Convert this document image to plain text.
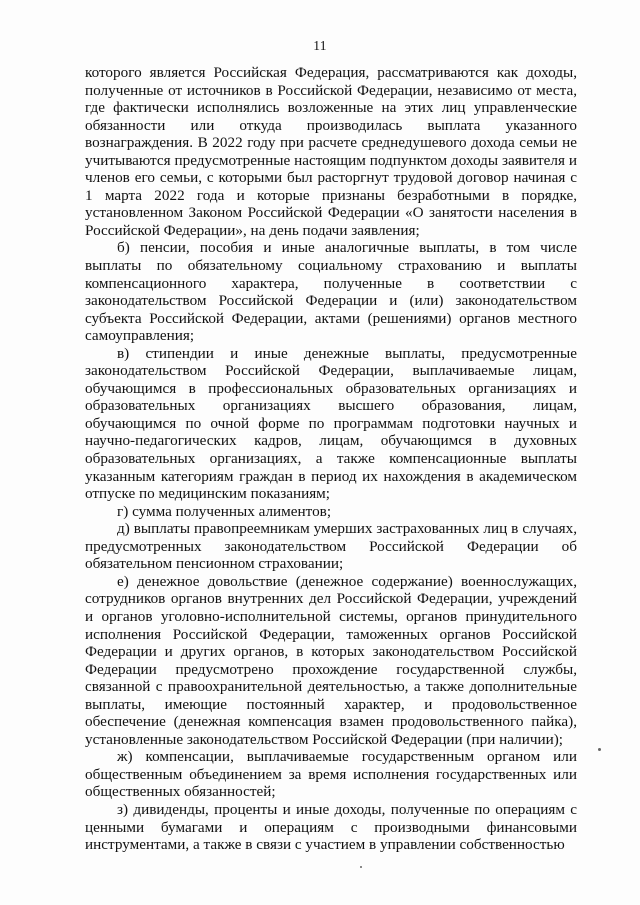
11

которого является Российская Федерация, рассматриваются как доходы, полученные от источников в Российской Федерации, независимо от места, где фактически исполнялись возложенные на этих лиц управленческие обязанности или откуда производилась выплата указанного вознаграждения. В 2022 году при расчете среднедушевого дохода семьи не учитываются предусмотренные настоящим подпунктом доходы заявителя и членов его семьи, с которыми был расторгнут трудовой договор начиная с 1 марта 2022 года и которые признаны безработными в порядке, установленном Законом Российской Федерации «О занятости населения в Российской Федерации», на день подачи заявления;

б) пенсии, пособия и иные аналогичные выплаты, в том числе выплаты по обязательному социальному страхованию и выплаты компенсационного характера, полученные в соответствии с законодательством Российской Федерации и (или) законодательством субъекта Российской Федерации, актами (решениями) органов местного самоуправления;

в) стипендии и иные денежные выплаты, предусмотренные законодательством Российской Федерации, выплачиваемые лицам, обучающимся в профессиональных образовательных организациях и образовательных организациях высшего образования, лицам, обучающимся по очной форме по программам подготовки научных и научно-педагогических кадров, лицам, обучающимся в духовных образовательных организациях, а также компенсационные выплаты указанным категориям граждан в период их нахождения в академическом отпуске по медицинским показаниям;

г) сумма полученных алиментов;

д) выплаты правопреемникам умерших застрахованных лиц в случаях, предусмотренных законодательством Российской Федерации об обязательном пенсионном страховании;

е) денежное довольствие (денежное содержание) военнослужащих, сотрудников органов внутренних дел Российской Федерации, учреждений и органов уголовно-исполнительной системы, органов принудительного исполнения Российской Федерации, таможенных органов Российской Федерации и других органов, в которых законодательством Российской Федерации предусмотрено прохождение государственной службы, связанной с правоохранительной деятельностью, а также дополнительные выплаты, имеющие постоянный характер, и продовольственное обеспечение (денежная компенсация взамен продовольственного пайка), установленные законодательством Российской Федерации (при наличии);

ж) компенсации, выплачиваемые государственным органом или общественным объединением за время исполнения государственных или общественных обязанностей;

з) дивиденды, проценты и иные доходы, полученные по операциям с ценными бумагами и операциям с производными финансовыми инструментами, а также в связи с участием в управлении собственностью
